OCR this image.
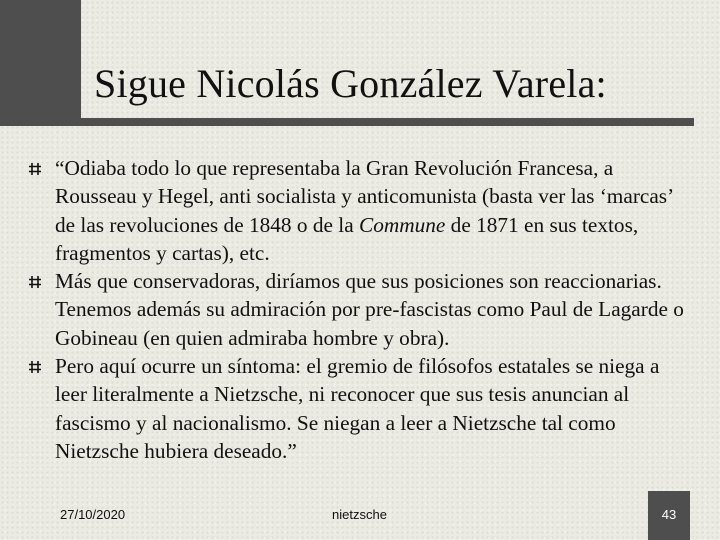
Sigue Nicolás González Varela:
“Odiaba todo lo que representaba la Gran Revolución Francesa, a Rousseau y Hegel, anti socialista y anticomunista (basta ver las ‘marcas’ de las revoluciones de 1848 o de la Commune de 1871 en sus textos, fragmentos y cartas), etc.
Más que conservadoras, diríamos que sus posiciones son reaccionarias. Tenemos además su admiración por pre-fascistas como Paul de Lagarde o Gobineau (en quien admiraba hombre y obra).
Pero aquí ocurre un síntoma: el gremio de filósofos estatales se niega a leer literalmente a Nietzsche, ni reconocer que sus tesis anuncian al fascismo y al nacionalismo. Se niegan a leer a Nietzsche tal como Nietzsche hubiera deseado.”
27/10/2020	nietzsche	43
